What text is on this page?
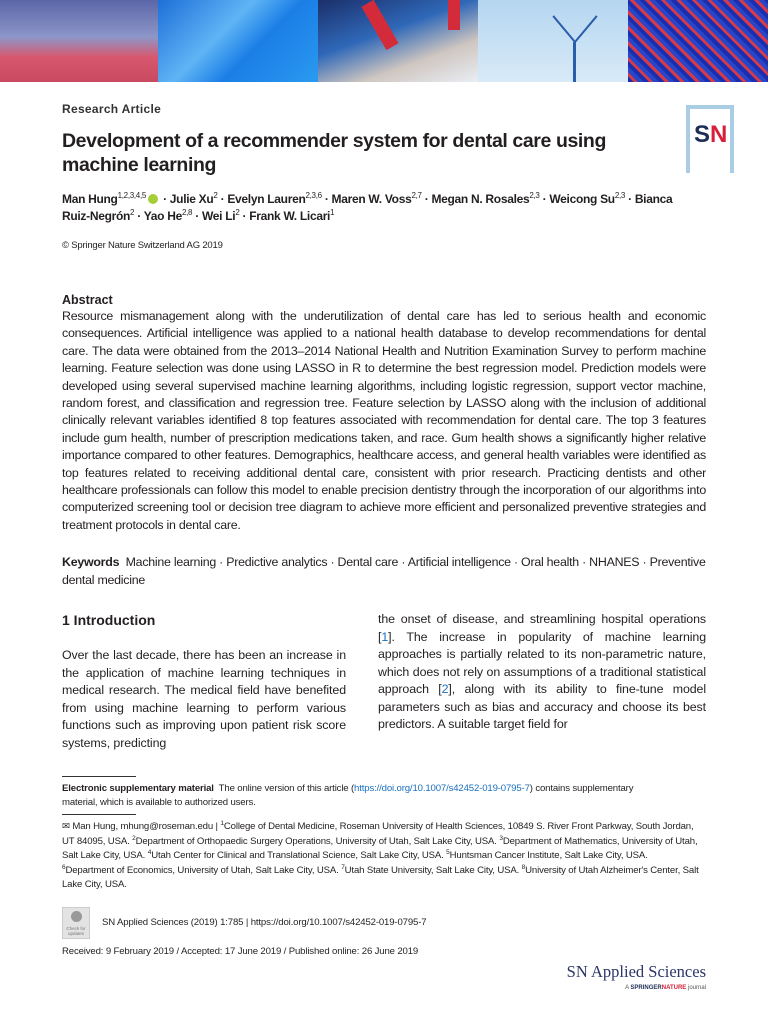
S N
Research Article
Development of a recommender system for dental care using machine learning
Man Hung$^{1,2,3,4,5}$ · Julie $Xu^2$ · Evelyn Lauren$^{2,3,6}$ · Maren W. Voss$^{2,7}$ · Megan N. Rosales$^{2,3}$ · Weicong Su$^{2,3}$ · Bianca Ruiz-Negrón$^2$ · Yao He$^{2,8}$ · Wei $Li^2$ · Frank W. Licari$^1$
© Springer Nature Switzerland AG 2019
Abstract

Resource mismanagement along with the underutilization of dental care has led to serious health and economic consequences. Artificial intelligence was applied to a national health database to develop recommendations for dental care. The data were obtained from the 2013–2014 National Health and Nutrition Examination Survey to perform machine learning. Feature selection was done using LASSO in R to determine the best regression model. Prediction models were developed using several supervised machine learning algorithms, including logistic regression, support vector machine, random forest, and classification and regression tree. Feature selection by LASSO along with the inclusion of additional clinically relevant variables identified 8 top features associated with recommendation for dental care. The top 3 features include gum health, number of prescription medications taken, and race. Gum health shows a significantly higher relative importance compared to other features. Demographics, healthcare access, and general health variables were identified as top features related to receiving additional dental care, consistent with prior research. Practicing dentists and other healthcare professionals can follow this model to enable precision dentistry through the incorporation of our algorithms into computerized screening tool or decision tree diagram to achieve more efficient and personalized preventive strategies and treatment protocols in dental care.

Keywords Machine learning · Predictive analytics · Dental care · Artificial intelligence · Oral health · NHANES · Preventive dental medicine

1 Introduction

Over the last decade, there has been an increase in the application of machine learning techniques in medical research. The medical field have benefited from using machine learning to perform various functions such as improving upon patient risk score systems, predicting

the onset of disease, and streamlining hospital operations [1]. The increase in popularity of machine learning approaches is partially related to its non-parametric nature, which does not rely on assumptions of a traditional statistical approach [2], along with its ability to fine-tune model parameters such as bias and accuracy and choose its best predictors. A suitable target field for

Electronic supplementary material The online version of this article (https://doi.org/10.1007/s42452-019-0795-7) contains supplementary material, which is available to authorized users.

✉ Man Hung, mhung@roseman.edu | $^1$College of Dental Medicine, Roseman University of Health Sciences, 10849 S. River Front Parkway, South Jordan, UT 84095, USA. $^2$Department of Orthopaedic Surgery Operations, University of Utah, Salt Lake City, USA. $^3$Department of Mathematics, University of Utah, Salt Lake City, USA. $^4$Utah Center for Clinical and Translational Science, Salt Lake City, USA. $^5$Huntsman Cancer Institute, Salt Lake City, USA. $^6$Department of Economics, University of Utah, Salt Lake City, USA. $^7$Utah State University, Salt Lake City, USA. $^8$University of Utah Alzheimer's Center, Salt Lake City, USA.

Check for updates
SN Applied Sciences (2019) 1:785 | https://doi.org/10.1007/s42452-019-0795-7
Received: 9 February 2019 / Accepted: 17 June 2019 / Published online: 26 June 2019
SN Applied Sciences
A SPRINGERNATURE journal
